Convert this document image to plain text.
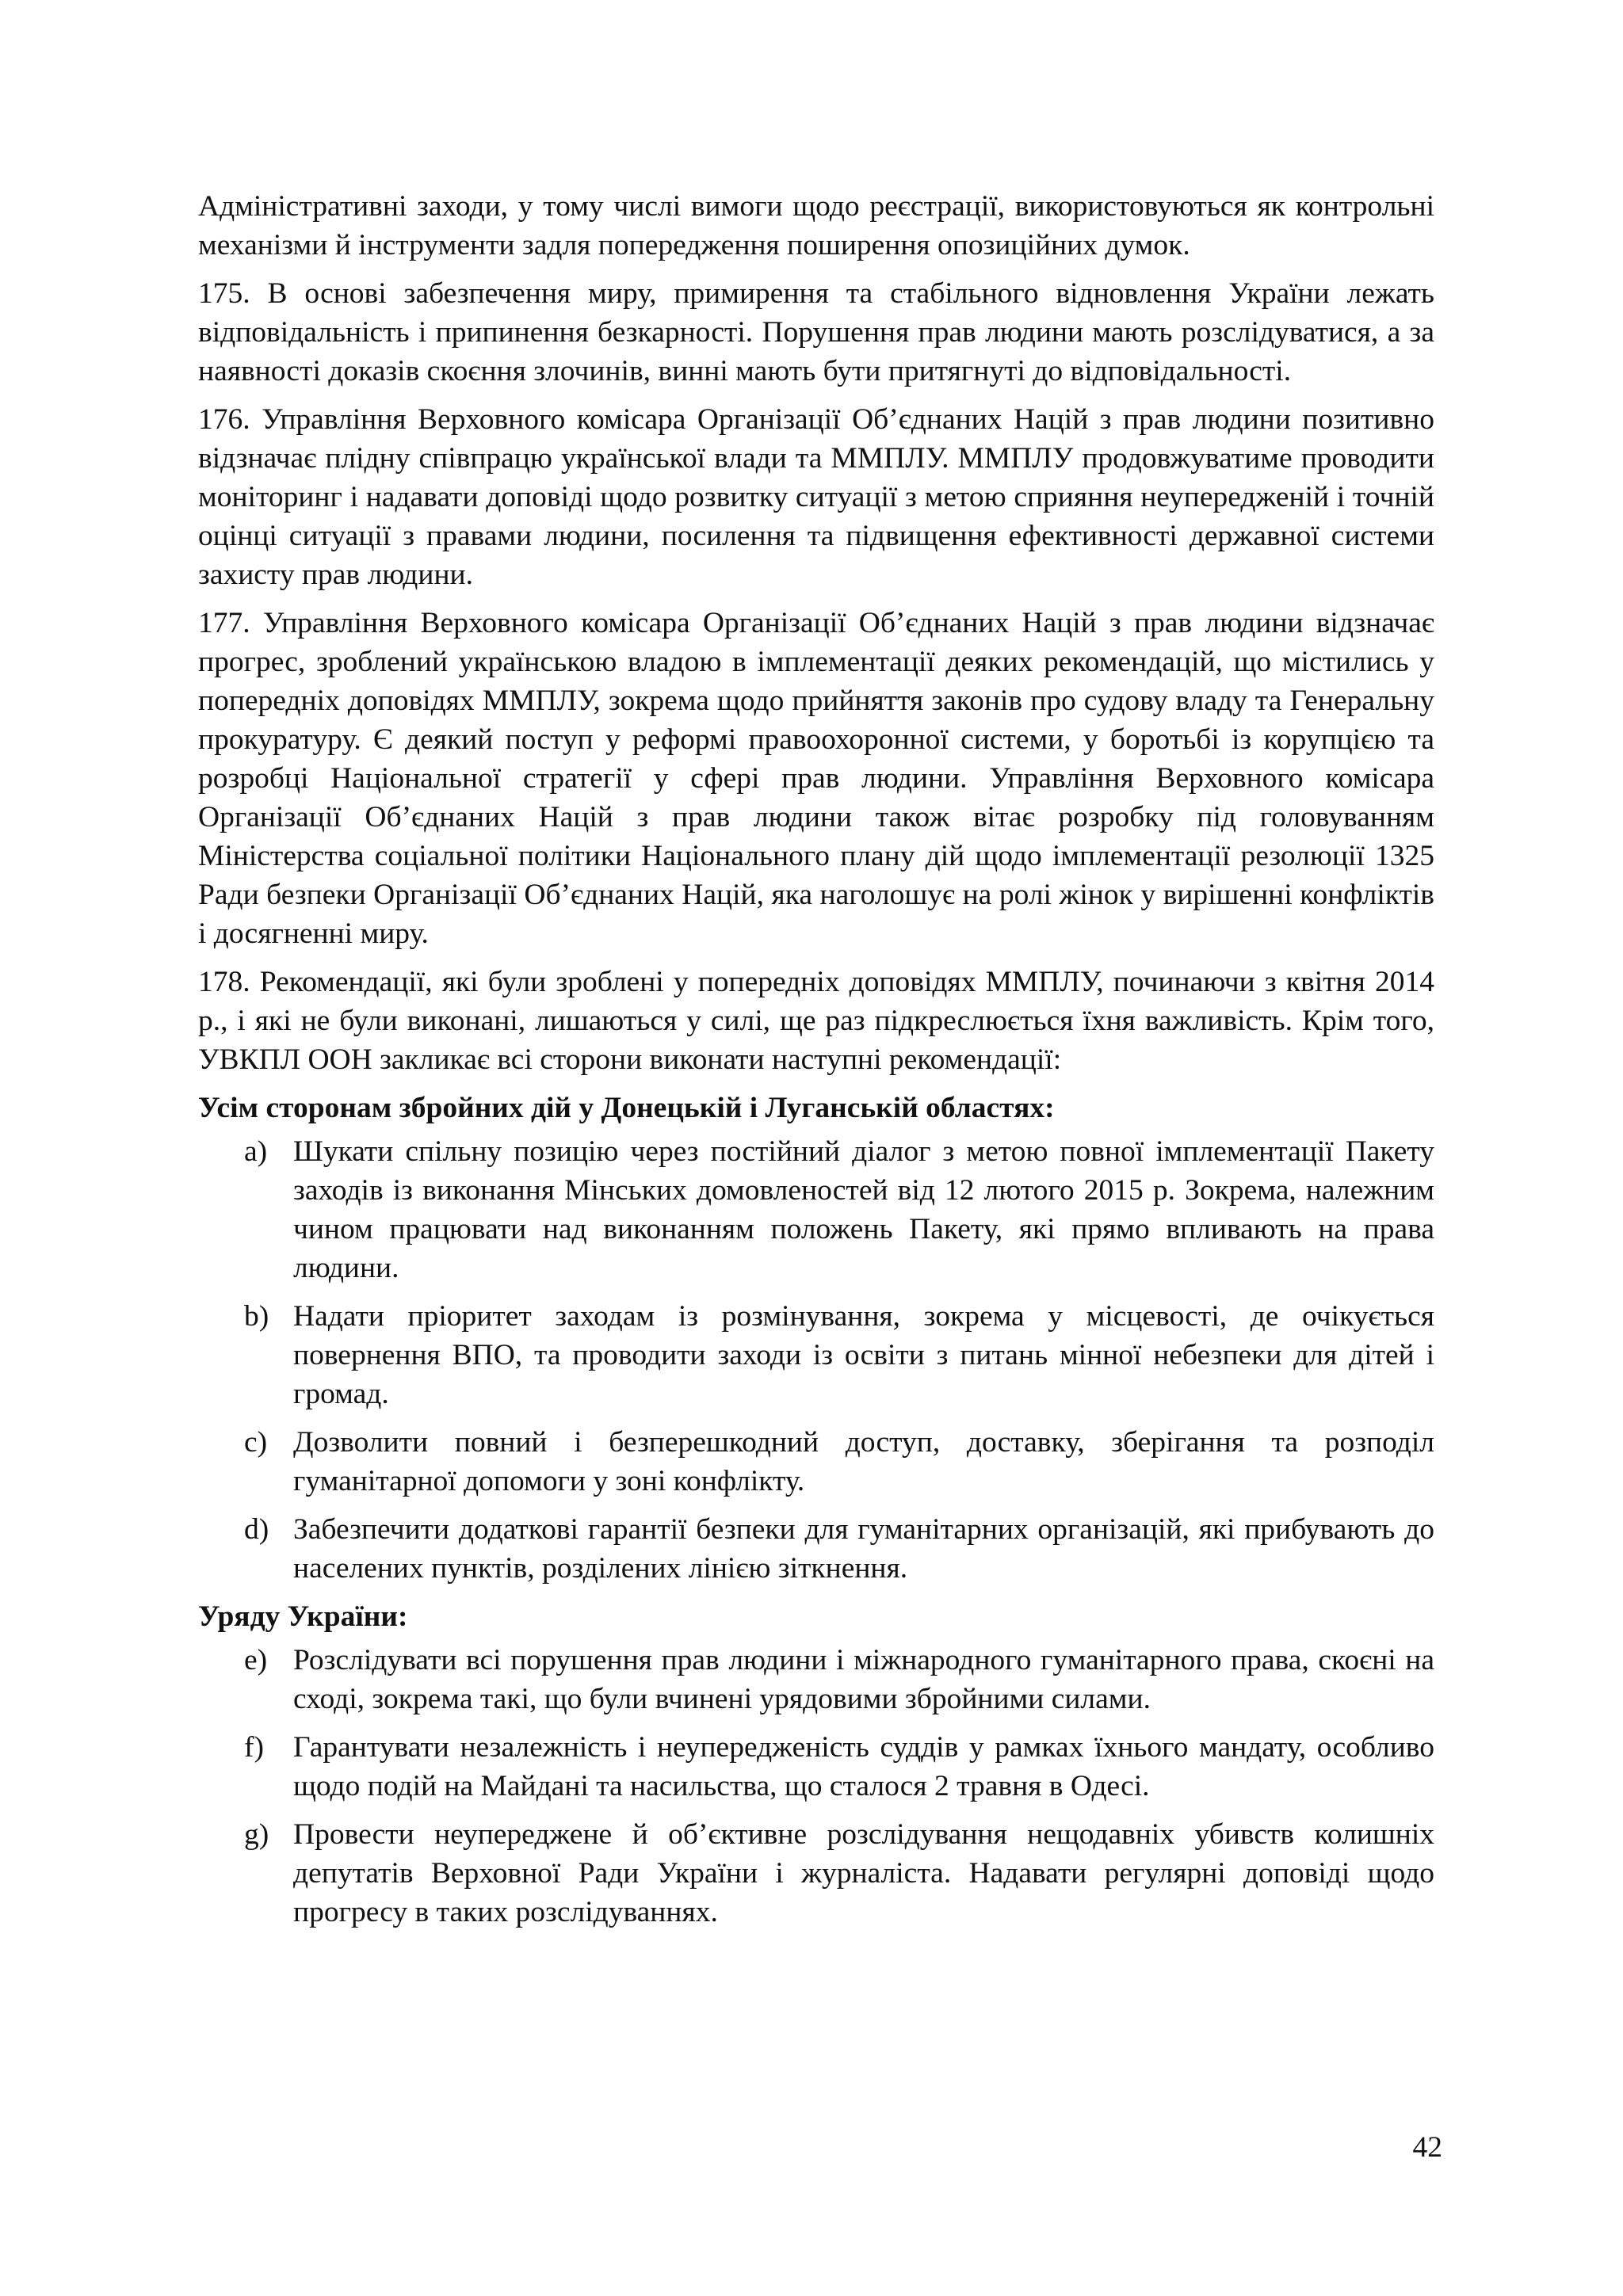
Адміністративні заходи, у тому числі вимоги щодо реєстрації, використовуються як контрольні механізми й інструменти задля попередження поширення опозиційних думок.

175. В основі забезпечення миру, примирення та стабільного відновлення України лежать відповідальність і припинення безкарності. Порушення прав людини мають розслідуватися, а за наявності доказів скоєння злочинів, винні мають бути притягнуті до відповідальності.

176. Управління Верховного комісара Організації Об’єднаних Націй з прав людини позитивно відзначає плідну співпрацю української влади та ММПЛУ. ММПЛУ продовжуватиме проводити моніторинг і надавати доповіді щодо розвитку ситуації з метою сприяння неупередженій і точній оцінці ситуації з правами людини, посилення та підвищення ефективності державної системи захисту прав людини.

177. Управління Верховного комісара Організації Об’єднаних Націй з прав людини відзначає прогрес, зроблений українською владою в імплементації деяких рекомендацій, що містились у попередніх доповідях ММПЛУ, зокрема щодо прийняття законів про судову владу та Генеральну прокуратуру. Є деякий поступ у реформі правоохоронної системи, у боротьбі із корупцією та розробці Національної стратегії у сфері прав людини. Управління Верховного комісара Організації Об’єднаних Націй з прав людини також вітає розробку під головуванням Міністерства соціальної політики Національного плану дій щодо імплементації резолюції 1325 Ради безпеки Організації Об’єднаних Націй, яка наголошує на ролі жінок у вирішенні конфліктів і досягненні миру.

178. Рекомендації, які були зроблені у попередніх доповідях ММПЛУ, починаючи з квітня 2014 р., і які не були виконані, лишаються у силі, ще раз підкреслюється їхня важливість. Крім того, УВКПЛ ООН закликає всі сторони виконати наступні рекомендації:

Усім сторонам збройних дій у Донецькій і Луганській областях:

a) Шукати спільну позицію через постійний діалог з метою повної імплементації Пакету заходів із виконання Мінських домовленостей від 12 лютого 2015 р. Зокрема, належним чином працювати над виконанням положень Пакету, які прямо впливають на права людини.
b) Надати пріоритет заходам із розмінування, зокрема у місцевості, де очікується повернення ВПО, та проводити заходи із освіти з питань мінної небезпеки для дітей і громад.
c) Дозволити повний і безперешкодний доступ, доставку, зберігання та розподіл гуманітарної допомоги у зоні конфлікту.
d) Забезпечити додаткові гарантії безпеки для гуманітарних організацій, які прибувають до населених пунктів, розділених лінією зіткнення.

Уряду України:

e) Розслідувати всі порушення прав людини і міжнародного гуманітарного права, скоєні на сході, зокрема такі, що були вчинені урядовими збройними силами.
f) Гарантувати незалежність і неупередженість суддів у рамках їхнього мандату, особливо щодо подій на Майдані та насильства, що сталося 2 травня в Одесі.
g) Провести неупереджене й об’єктивне розслідування нещодавніх убивств колишніх депутатів Верховної Ради України і журналіста. Надавати регулярні доповіді щодо прогресу в таких розслідуваннях.
42
